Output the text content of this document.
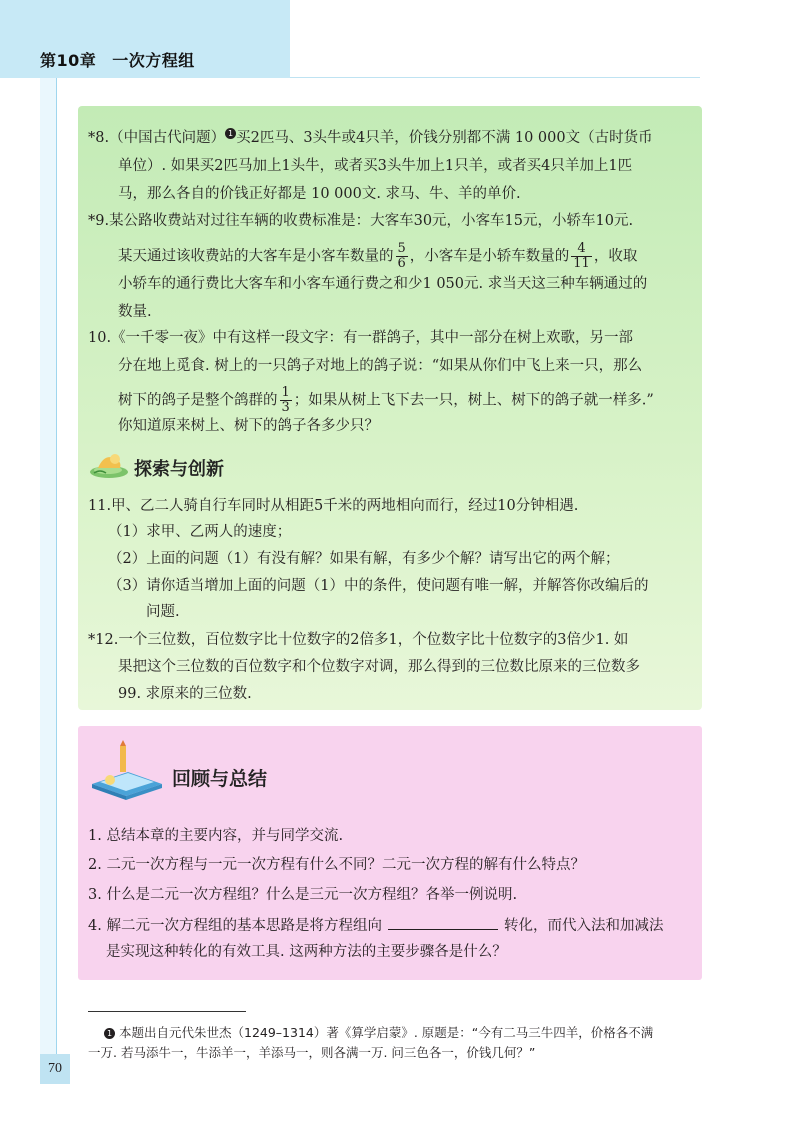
第10章 一次方程组
*8.（中国古代问题） 1 买2匹马、3头牛或4只羊，价钱分别都不满 10 000文（古时货币
单位）. 如果买2匹马加上1头牛，或者买3头牛加上1只羊，或者买4只羊加上1匹
马，那么各自的价钱正好都是 10 000文. 求马、牛、羊的单价.
*9.某公路收费站对过往车辆的收费标准是：大客车30元，小客车15元，小轿车10元.
某天通过该收费站的大客车是小客车数量的 $\frac{5}{6}$ ，小客车是小轿车数量的 $\frac{4}{11}$ ，收取
小轿车的通行费比大客车和小客车通行费之和少1 050元. 求当天这三种车辆通过的
数量.
10.《一千零一夜》中有这样一段文字：有一群鸽子，其中一部分在树上欢歌，另一部
分在地上觅食. 树上的一只鸽子对地上的鸽子说：“如果从你们中飞上来一只，那么
树下的鸽子是整个鸽群的 $\frac{1}{3}$ ；如果从树上飞下去一只，树上、树下的鸽子就一样多.”
你知道原来树上、树下的鸽子各多少只？
探索与创新
11.甲、乙二人骑自行车同时从相距5千米的两地相向而行，经过10分钟相遇.
（1）求甲、乙两人的速度；
（2）上面的问题（1）有没有解？如果有解，有多少个解？请写出它的两个解；
（3）请你适当增加上面的问题（1）中的条件，使问题有唯一解，并解答你改编后的
问题.
*12.一个三位数，百位数字比十位数字的2倍多1，个位数字比十位数字的3倍少1. 如
果把这个三位数的百位数字和个位数字对调，那么得到的三位数比原来的三位数多
99. 求原来的三位数.
回顾与总结
1. 总结本章的主要内容，并与同学交流.
2. 二元一次方程与一元一次方程有什么不同？二元一次方程的解有什么特点？
3. 什么是二元一次方程组？什么是三元一次方程组？各举一例说明.
4. 解二元一次方程组的基本思路是将方程组向	转化，而代入法和加减法
是实现这种转化的有效工具. 这两种方法的主要步骤各是什么？
1 本题出自元代朱世杰（1249–1314）著《算学启蒙》. 原题是：“今有二马三牛四羊，价格各不满
一万. 若马添牛一，牛添羊一，羊添马一，则各满一万. 问三色各一，价钱几何？”
70
